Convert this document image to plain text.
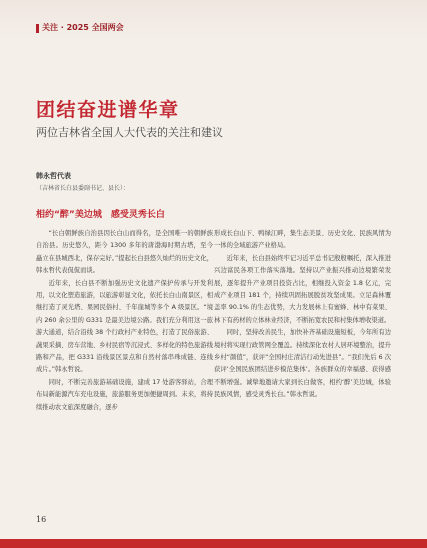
关注 · 2025 全国两会
团结奋进谱华章
两位吉林省全国人大代表的关注和建议
韩永哲代表
（吉林省长白县委副书记、县长）：
相约“醉”美边城　感受灵秀长白

“长白朝鲜族自治县因长白山而得名，是全国唯一的朝鲜族自治县。历史悠久，距今 1300 多年的唐渤海时期古塔，至今矗立在县城西北，保存完好。”提起长白县悠久灿烂的历史文化，韩永哲代表侃侃而谈。

近年来，长白县不断加强历史文化遗产保护传承与开发利用，以文化塑造旅游，以旅游彰显文化，依托长白山南景区，相继打造了灵光塔、果园民俗村、千年崖城等多个 A 级景区。“境内 260 余公里的 G331 是最美边境公路。我们充分利用这一旅游大通道，结合沿线 38 个行政村产业特色，打造了民俗旅游、蔬果采摘、房车营地、乡村民宿等沉浸式、多样化的特色旅游线路和产品，把 G331 沿线景区景点和自然村落串珠成链、连线成片。”韩永哲说。

同时，不断完善旅游基础设施，建成 17 处游客驿站，合理布局新能源汽车充电设施，旅游服务更加便捷周到。未来，将持续推动农文旅深度融合，逐步

形成长白山下、鸭绿江畔，集生态美景、历史文化、民族风情为一体的全域旅游产业格局。

近年来，长白县始终牢记习近平总书记殷殷嘱托，深入推进兴边富民各项工作落实落地。坚持以产业振兴推动边境繁荣发展，逐年提升产业项目投资占比，相继投入资金 1.8 亿元，完成产业项目 181 个，持续巩固拓展脱贫攻坚成果。立足森林覆盖率 90.1% 的生态优势，大力发展林上有蜜蜂、林中有菜果、林下有药材的立体林业经济，不断拓宽农民和村集体增收渠道。

同时，坚持改善民生，加快补齐基础设施短板，今年所有边境村将实现行政管网全覆盖。持续深化农村人居环境整治，提升乡村“颜值”，获评“全国村庄清洁行动先进县”。“我们先后 6 次获评‘全国民族团结进步模范集体’。各族群众的幸福感、获得感不断增强。诚挚地邀请大家到长白做客，相约‘醉’美边城，体验民族风情，感受灵秀长白。”韩永哲说。

16
